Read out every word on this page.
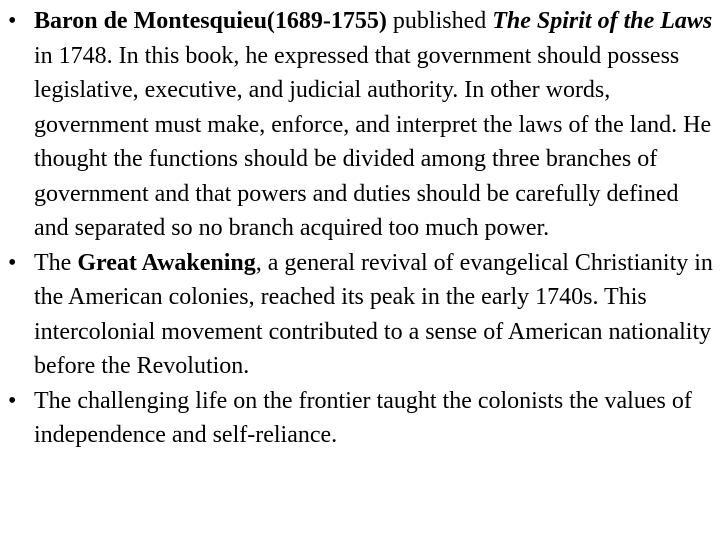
• Baron de Montesquieu(1689-1755) published The Spirit of the Laws in 1748. In this book, he expressed that government should possess legislative, executive, and judicial authority. In other words, government must make, enforce, and interpret the laws of the land. He thought the functions should be divided among three branches of government and that powers and duties should be carefully defined and separated so no branch acquired too much power.
• The Great Awakening, a general revival of evangelical Christianity in the American colonies, reached its peak in the early 1740s. This intercolonial movement contributed to a sense of American nationality before the Revolution.
• The challenging life on the frontier taught the colonists the values of independence and self-reliance.
